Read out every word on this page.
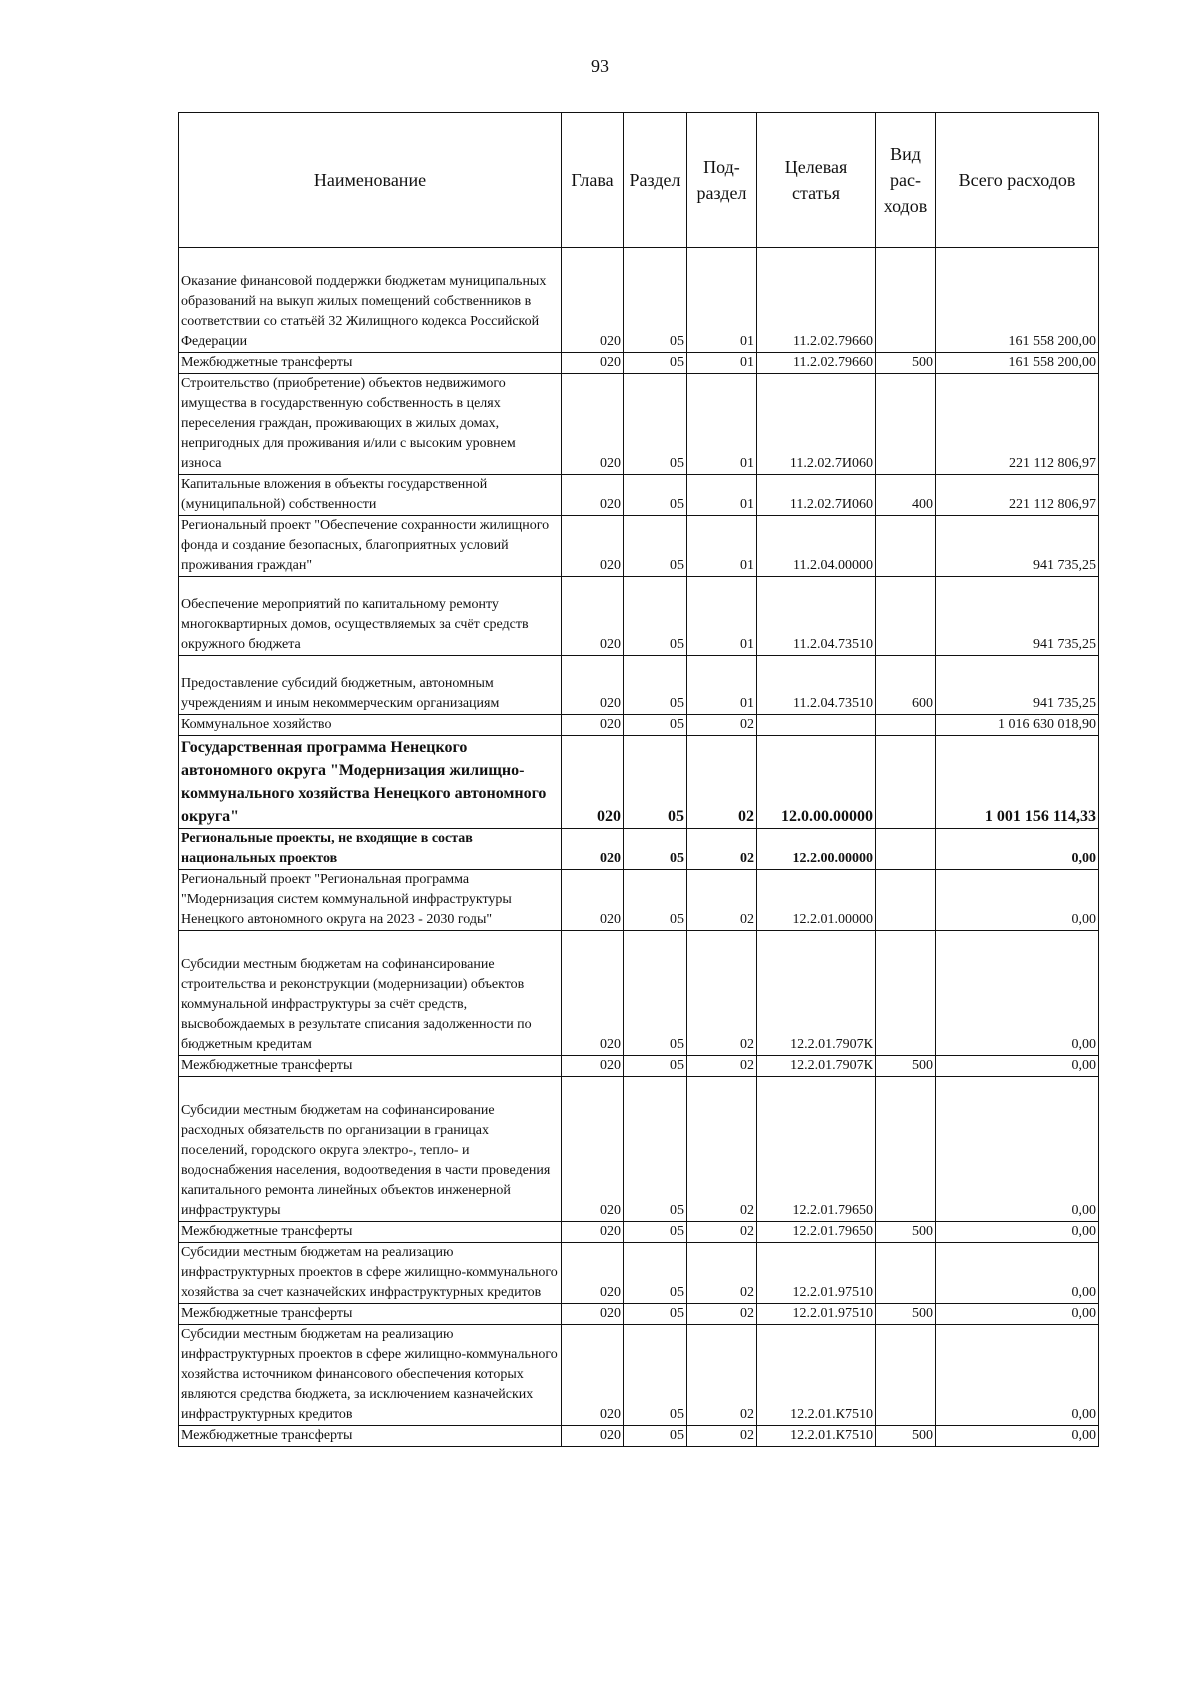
93
Наименование	Глава	Раздел	Под-раздел	Целевая статья	Вид рас-ходов	Всего расходов
Оказание финансовой поддержки бюджетам муниципальных образований на выкуп жилых помещений собственников в соответствии со статьёй 32 Жилищного кодекса Российской Федерации	020	05	01	11.2.02.79660		161 558 200,00
Межбюджетные трансферты	020	05	01	11.2.02.79660	500	161 558 200,00
Строительство (приобретение) объектов недвижимого имущества в государственную собственность в целях переселения граждан, проживающих в жилых домах, непригодных для проживания и/или с высоким уровнем износа	020	05	01	11.2.02.7И060		221 112 806,97
Капитальные вложения в объекты государственной (муниципальной) собственности	020	05	01	11.2.02.7И060	400	221 112 806,97
Региональный проект "Обеспечение сохранности жилищного фонда и создание безопасных, благоприятных условий проживания граждан"	020	05	01	11.2.04.00000		941 735,25
Обеспечение мероприятий по капитальному ремонту многоквартирных домов, осуществляемых за счёт средств окружного бюджета	020	05	01	11.2.04.73510		941 735,25
Предоставление субсидий бюджетным, автономным учреждениям и иным некоммерческим организациям	020	05	01	11.2.04.73510	600	941 735,25
Коммунальное хозяйство	020	05	02			1 016 630 018,90
Государственная программа Ненецкого автономного округа "Модернизация жилищно-коммунального хозяйства Ненецкого автономного округа"	020	05	02	12.0.00.00000		1 001 156 114,33
Региональные проекты, не входящие в состав национальных проектов	020	05	02	12.2.00.00000		0,00
Региональный проект "Региональная программа "Модернизация систем коммунальной инфраструктуры Ненецкого автономного округа на 2023 - 2030 годы"	020	05	02	12.2.01.00000		0,00
Субсидии местным бюджетам на софинансирование строительства и реконструкции (модернизации) объектов коммунальной инфраструктуры за счёт средств, высвобождаемых в результате списания задолженности по бюджетным кредитам	020	05	02	12.2.01.7907К		0,00
Межбюджетные трансферты	020	05	02	12.2.01.7907К	500	0,00
Субсидии местным бюджетам на софинансирование расходных обязательств по организации в границах поселений, городского округа электро-, тепло- и водоснабжения населения, водоотведения в части проведения капитального ремонта линейных объектов инженерной инфраструктуры	020	05	02	12.2.01.79650		0,00
Межбюджетные трансферты	020	05	02	12.2.01.79650	500	0,00
Субсидии местным бюджетам на реализацию инфраструктурных проектов в сфере жилищно-коммунального хозяйства за счет казначейских инфраструктурных кредитов	020	05	02	12.2.01.97510		0,00
Межбюджетные трансферты	020	05	02	12.2.01.97510	500	0,00
Субсидии местным бюджетам на реализацию инфраструктурных проектов в сфере жилищно-коммунального хозяйства источником финансового обеспечения которых являются средства бюджета, за исключением казначейских инфраструктурных кредитов	020	05	02	12.2.01.К7510		0,00
Межбюджетные трансферты	020	05	02	12.2.01.К7510	500	0,00
